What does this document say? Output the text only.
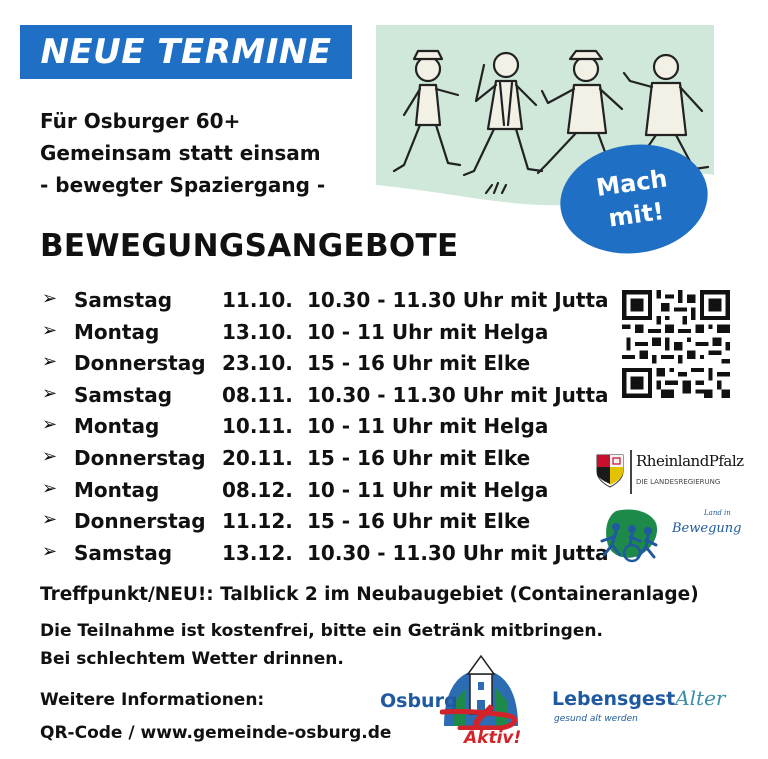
NEUE TERMINE
Für Osburger 60+
Gemeinsam statt einsam
- bewegter Spaziergang -	Mach
mit!
BEWEGUNGSANGEBOTE
➢ Samstag 11.10. 10.30 - 11.30 Uhr mit Jutta
➢ Montag	13.10. 10 - 11 Uhr mit Helga
➢ Donnerstag 23.10. 15 - 16 Uhr mit Elke
➢ Samstag 08.11. 10.30 - 11.30 Uhr mit Jutta
➢ Montag	10.11. 10 - 11 Uhr mit Helga
➢ Donnerstag 20.11. 15 - 16 Uhr mit Elke
➢ Montag	08.12. 10 - 11 Uhr mit Helga
➢ Donnerstag 11.12. 15 - 16 Uhr mit Elke
➢ Samstag 13.12. 10.30 - 11.30 Uhr mit Jutta
RheinlandPfalz
DIE LANDESREGIERUNG
Land in
Bewegung
Treffpunkt/NEU!: Talblick 2 im Neubaugebiet (Containeranlage)
Die Teilnahme ist kostenfrei, bitte ein Getränk mitbringen.
Bei schlechtem Wetter drinnen.
Weitere Informationen:
QR-Code / www.gemeinde-osburg.de
Osburg
Aktiv!
LebensgestAlter
gesund alt werden
